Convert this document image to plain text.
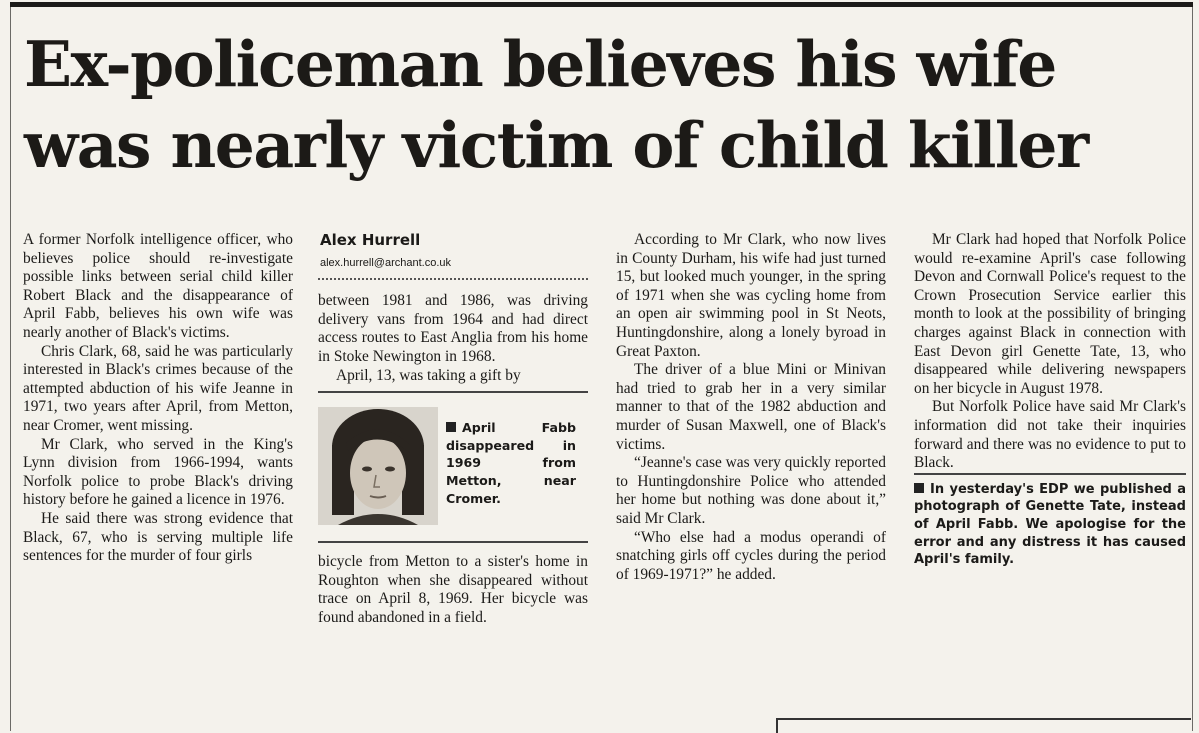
Ex-policeman believes his wife
was nearly victim of child killer

A former Norfolk intelligence officer, who believes police should re-investigate possible links between serial child killer Robert Black and the disappearance of April Fabb, believes his own wife was nearly another of Black's victims.

Chris Clark, 68, said he was particularly interested in Black's crimes because of the attempted abduction of his wife Jeanne in 1971, two years after April, from Metton, near Cromer, went missing.

Mr Clark, who served in the King's Lynn division from 1966-1994, wants Norfolk police to probe Black's driving history before he gained a licence in 1976.

He said there was strong evidence that Black, 67, who is serving multiple life sentences for the murder of four girls

Alex Hurrell
alex.hurrell@archant.co.uk

between 1981 and 1986, was driving delivery vans from 1964 and had direct access routes to East Anglia from his home in Stoke Newington in 1968.

April, 13, was taking a gift by

April Fabb disappeared in 1969 from Metton, near Cromer.

bicycle from Metton to a sister's home in Roughton when she disappeared without trace on April 8, 1969. Her bicycle was found abandoned in a field.

According to Mr Clark, who now lives in County Durham, his wife had just turned 15, but looked much younger, in the spring of 1971 when she was cycling home from an open air swimming pool in St Neots, Huntingdonshire, along a lonely byroad in Great Paxton.

The driver of a blue Mini or Minivan had tried to grab her in a very similar manner to that of the 1982 abduction and murder of Susan Maxwell, one of Black's victims.

“Jeanne's case was very quickly reported to Huntingdonshire Police who attended her home but nothing was done about it,” said Mr Clark.

“Who else had a modus operandi of snatching girls off cycles during the period of 1969-1971?” he added.

Mr Clark had hoped that Norfolk Police would re-examine April's case following Devon and Cornwall Police's request to the Crown Prosecution Service earlier this month to look at the possibility of bringing charges against Black in connection with East Devon girl Genette Tate, 13, who disappeared while delivering newspapers on her bicycle in August 1978.

But Norfolk Police have said Mr Clark's information did not take their inquiries forward and there was no evidence to put to Black.

In yesterday's EDP we published a photograph of Genette Tate, instead of April Fabb. We apologise for the error and any distress it has caused April's family.
